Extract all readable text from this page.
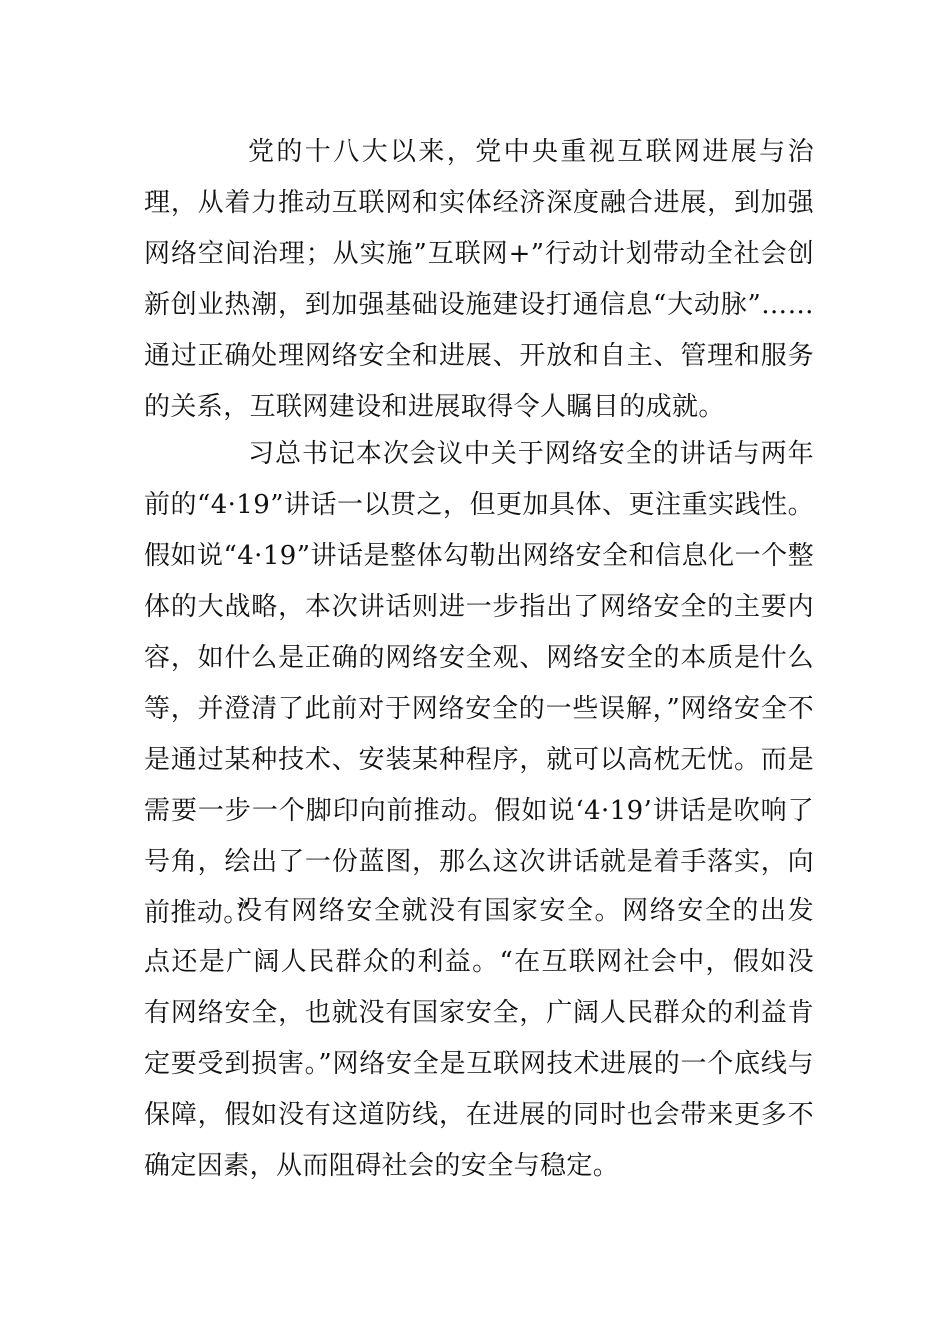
党的十八大以来，党中央重视互联网进展与治理，从着力推动互联网和实体经济深度融合进展，到加强网络空间治理；从实施”互联网+”行动计划带动全社会创新创业热潮，到加强基础设施建设打通信息“大动脉”……通过正确处理网络安全和进展、开放和自主、管理和服务的关系，互联网建设和进展取得令人瞩目的成就。

习总书记本次会议中关于网络安全的讲话与两年前的“4·19”讲话一以贯之，但更加具体、更注重实践性。假如说“4·19”讲话是整体勾勒出网络安全和信息化一个整体的大战略，本次讲话则进一步指出了网络安全的主要内容，如什么是正确的网络安全观、网络安全的本质是什么等，并澄清了此前对于网络安全的一些误解，”网络安全不是通过某种技术、安装某种程序，就可以高枕无忧。而是需要一步一个脚印向前推动。假如说‘4·19’讲话是吹响了号角，绘出了一份蓝图，那么这次讲话就是着手落实，向前推动。”

没有网络安全就没有国家安全。网络安全的出发点还是广阔人民群众的利益。“在互联网社会中，假如没有网络安全，也就没有国家安全，广阔人民群众的利益肯定要受到损害。”网络安全是互联网技术进展的一个底线与保障，假如没有这道防线，在进展的同时也会带来更多不确定因素，从而阻碍社会的安全与稳定。
